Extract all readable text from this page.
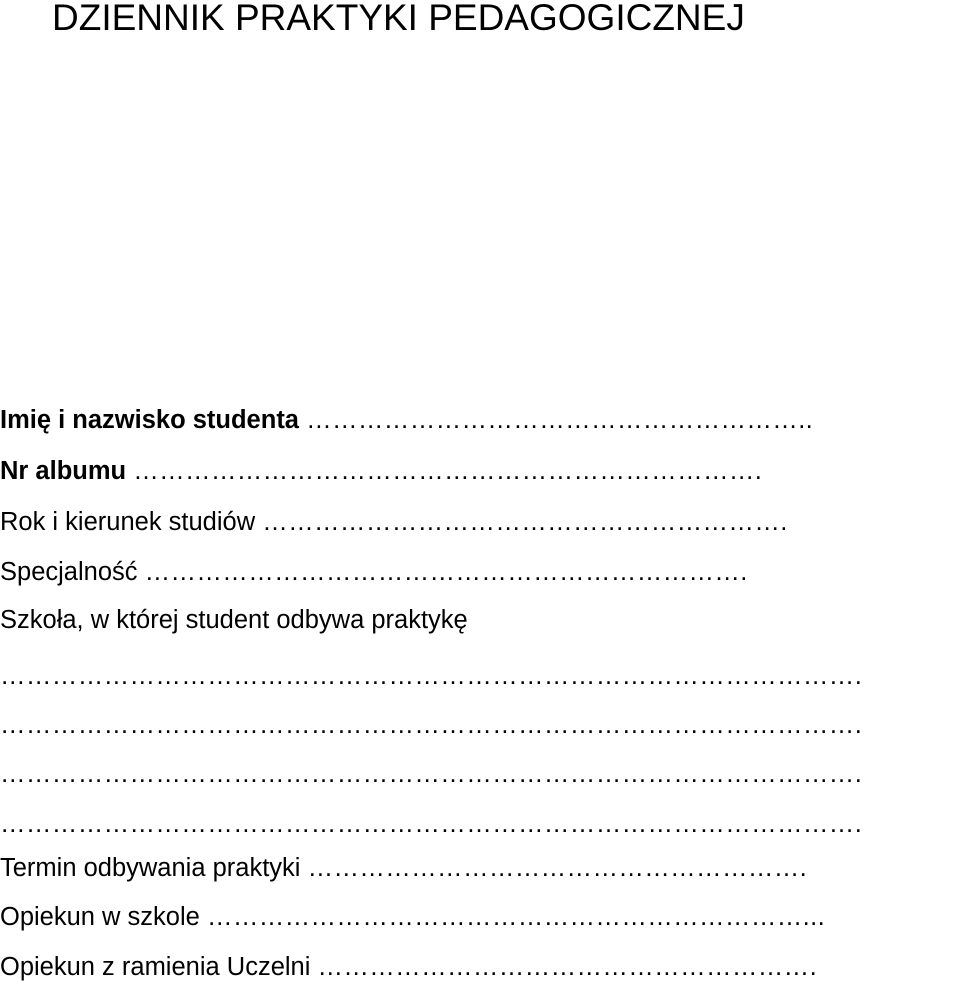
DZIENNIK PRAKTYKI PEDAGOGICZNEJ

Imię i nazwisko studenta …………………………………………………..

Nr albumu ……………………………………………………………….

Rok i kierunek studiów …………………………………………………….

Specjalność …………………………………………………………….

Szkoła, w której student odbywa praktykę

……………………………………………………………………………………….

……………………………………………………………………………………….

……………………………………………………………………………………….

……………………………………………………………………………………….

Termin odbywania praktyki ………………………………………………….

Opiekun w szkole ……………………………………………………………...

Opiekun z ramienia Uczelni ………………………………………………….
